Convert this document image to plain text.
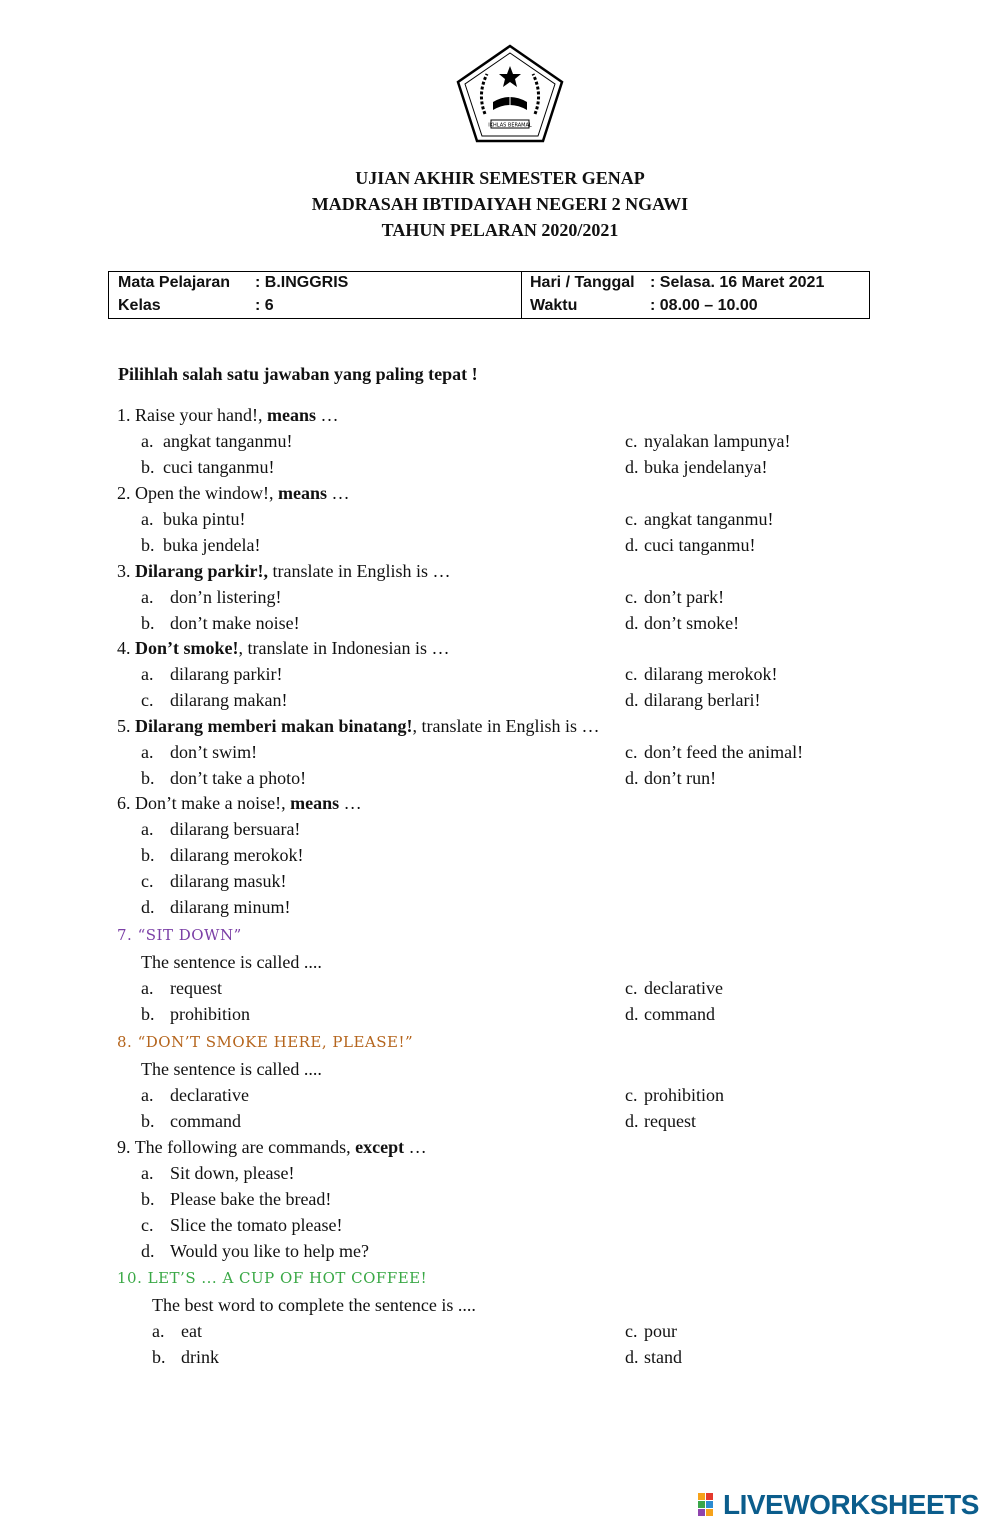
IKHLAS BERAMAL
UJIAN AKHIR SEMESTER GENAP
MADRASAH IBTIDAIYAH NEGERI 2 NGAWI
TAHUN PELARAN 2020/2021
Mata Pelajaran : B.INGGRIS
Kelas	: 6
Hari / Tanggal : Selasa. 16 Maret 2021
Waktu	: 08.00 – 10.00
Pilihlah salah satu jawaban yang paling tepat !
1. Raise your hand!, means …
a. angkat tanganmu!
b. cuci tanganmu!
c. nyalakan lampunya!
d. buka jendelanya!
2. Open the window!, means …
a. buka pintu!
b. buka jendela!
c. angkat tanganmu!
d. cuci tanganmu!
3. Dilarang parkir!, translate in English is …
a. don’n listering!
b. don’t make noise!
c. don’t park!
d. don’t smoke!
4. Don’t smoke!, translate in Indonesian is …
a. dilarang parkir!
c. dilarang makan!
c. dilarang merokok!
d. dilarang berlari!
5. Dilarang memberi makan binatang!, translate in English is …
a. don’t swim!
b. don’t take a photo!
c. don’t feed the animal!
d. don’t run!
6. Don’t make a noise!, means …
a. dilarang bersuara!
b. dilarang merokok!
c. dilarang masuk!
d. dilarang minum!
7. “SIT DOWN”
The sentence is called ....
a. request
b. prohibition
c. declarative
d. command
8. “DON’T SMOKE HERE, PLEASE!”
The sentence is called ....
a. declarative
b. command
c. prohibition
d. request
9. The following are commands, except …
a. Sit down, please!
b. Please bake the bread!
c. Slice the tomato please!
d. Would you like to help me?
10. LET’S ... A CUP OF HOT COFFEE!
The best word to complete the sentence is ....
a. eat
b. drink
c. pour
d. stand
LIVEWORKSHEETS
